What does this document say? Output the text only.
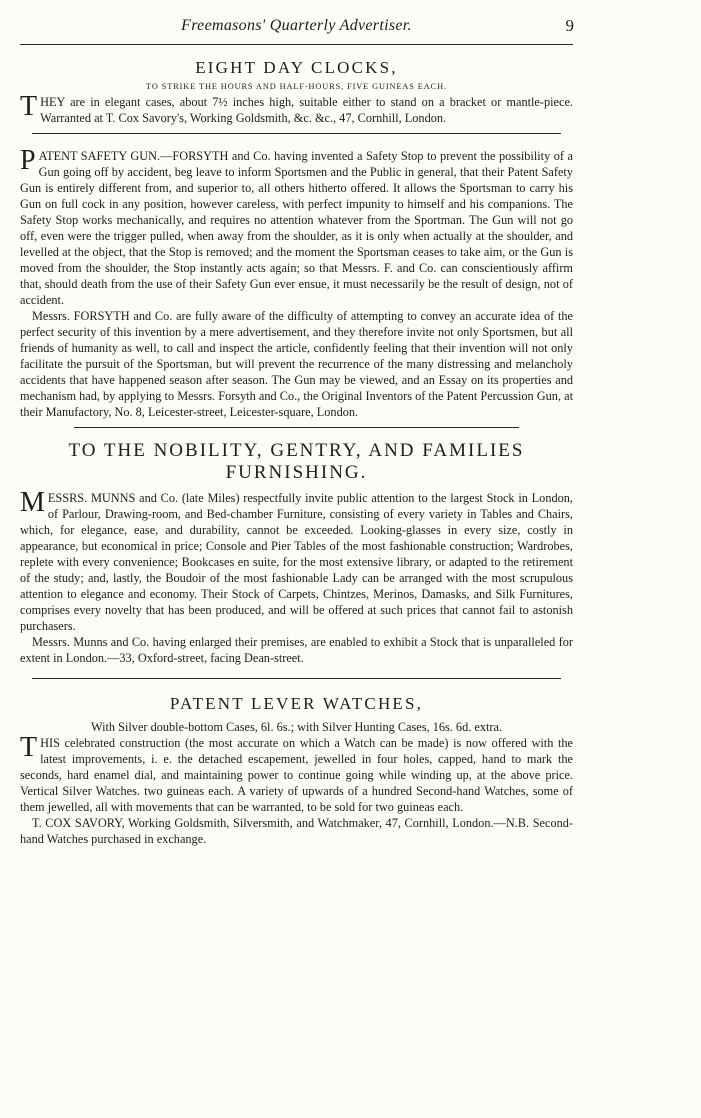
Freemasons' Quarterly Advertiser.	9
EIGHT DAY CLOCKS,
TO STRIKE THE HOURS AND HALF-HOURS, FIVE GUINEAS EACH.

THEY are in elegant cases, about 7½ inches high, suitable either to stand on a bracket or mantle-piece. Warranted at T. Cox Savory's, Working Goldsmith, &c. &c., 47, Cornhill, London.

PATENT SAFETY GUN.—FORSYTH and Co. having invented a Safety Stop to prevent the possibility of a Gun going off by accident, beg leave to inform Sportsmen and the Public in general, that their Patent Safety Gun is entirely different from, and superior to, all others hitherto offered. It allows the Sportsman to carry his Gun on full cock in any position, however careless, with perfect impunity to himself and his companions. The Safety Stop works mechanically, and requires no attention whatever from the Sportman. The Gun will not go off, even were the trigger pulled, when away from the shoulder, as it is only when actually at the shoulder, and levelled at the object, that the Stop is removed; and the moment the Sportsman ceases to take aim, or the Gun is moved from the shoulder, the Stop instantly acts again; so that Messrs. F. and Co. can conscientiously affirm that, should death from the use of their Safety Gun ever ensue, it must necessarily be the result of design, not of accident.

Messrs. FORSYTH and Co. are fully aware of the difficulty of attempting to convey an accurate idea of the perfect security of this invention by a mere advertisement, and they therefore invite not only Sportsmen, but all friends of humanity as well, to call and inspect the article, confidently feeling that their invention will not only facilitate the pursuit of the Sportsman, but will prevent the recurrence of the many distressing and melancholy accidents that have happened season after season. The Gun may be viewed, and an Essay on its properties and mechanism had, by applying to Messrs. Forsyth and Co., the Original Inventors of the Patent Percussion Gun, at their Manufactory, No. 8, Leicester-street, Leicester-square, London.

TO THE NOBILITY, GENTRY, AND FAMILIES FURNISHING.

MESSRS. MUNNS and Co. (late Miles) respectfully invite public attention to the largest Stock in London, of Parlour, Drawing-room, and Bed-chamber Furniture, consisting of every variety in Tables and Chairs, which, for elegance, ease, and durability, cannot be exceeded. Looking-glasses in every size, costly in appearance, but economical in price; Console and Pier Tables of the most fashionable construction; Wardrobes, replete with every convenience; Bookcases en suite, for the most extensive library, or adapted to the retirement of the study; and, lastly, the Boudoir of the most fashionable Lady can be arranged with the most scrupulous attention to elegance and economy. Their Stock of Carpets, Chintzes, Merinos, Damasks, and Silk Furnitures, comprises every novelty that has been produced, and will be offered at such prices that cannot fail to astonish purchasers.

Messrs. Munns and Co. having enlarged their premises, are enabled to exhibit a Stock that is unparalleled for extent in London.—33, Oxford-street, facing Dean-street.

PATENT LEVER WATCHES,
With Silver double-bottom Cases, 6l. 6s.; with Silver Hunting Cases, 16s. 6d. extra.

THIS celebrated construction (the most accurate on which a Watch can be made) is now offered with the latest improvements, i. e. the detached escapement, jewelled in four holes, capped, hand to mark the seconds, hard enamel dial, and maintaining power to continue going while winding up, at the above price. Vertical Silver Watches. two guineas each. A variety of upwards of a hundred Second-hand Watches, some of them jewelled, all with movements that can be warranted, to be sold for two guineas each.

T. COX SAVORY, Working Goldsmith, Silversmith, and Watchmaker, 47, Cornhill, London.—N.B. Second-hand Watches purchased in exchange.
